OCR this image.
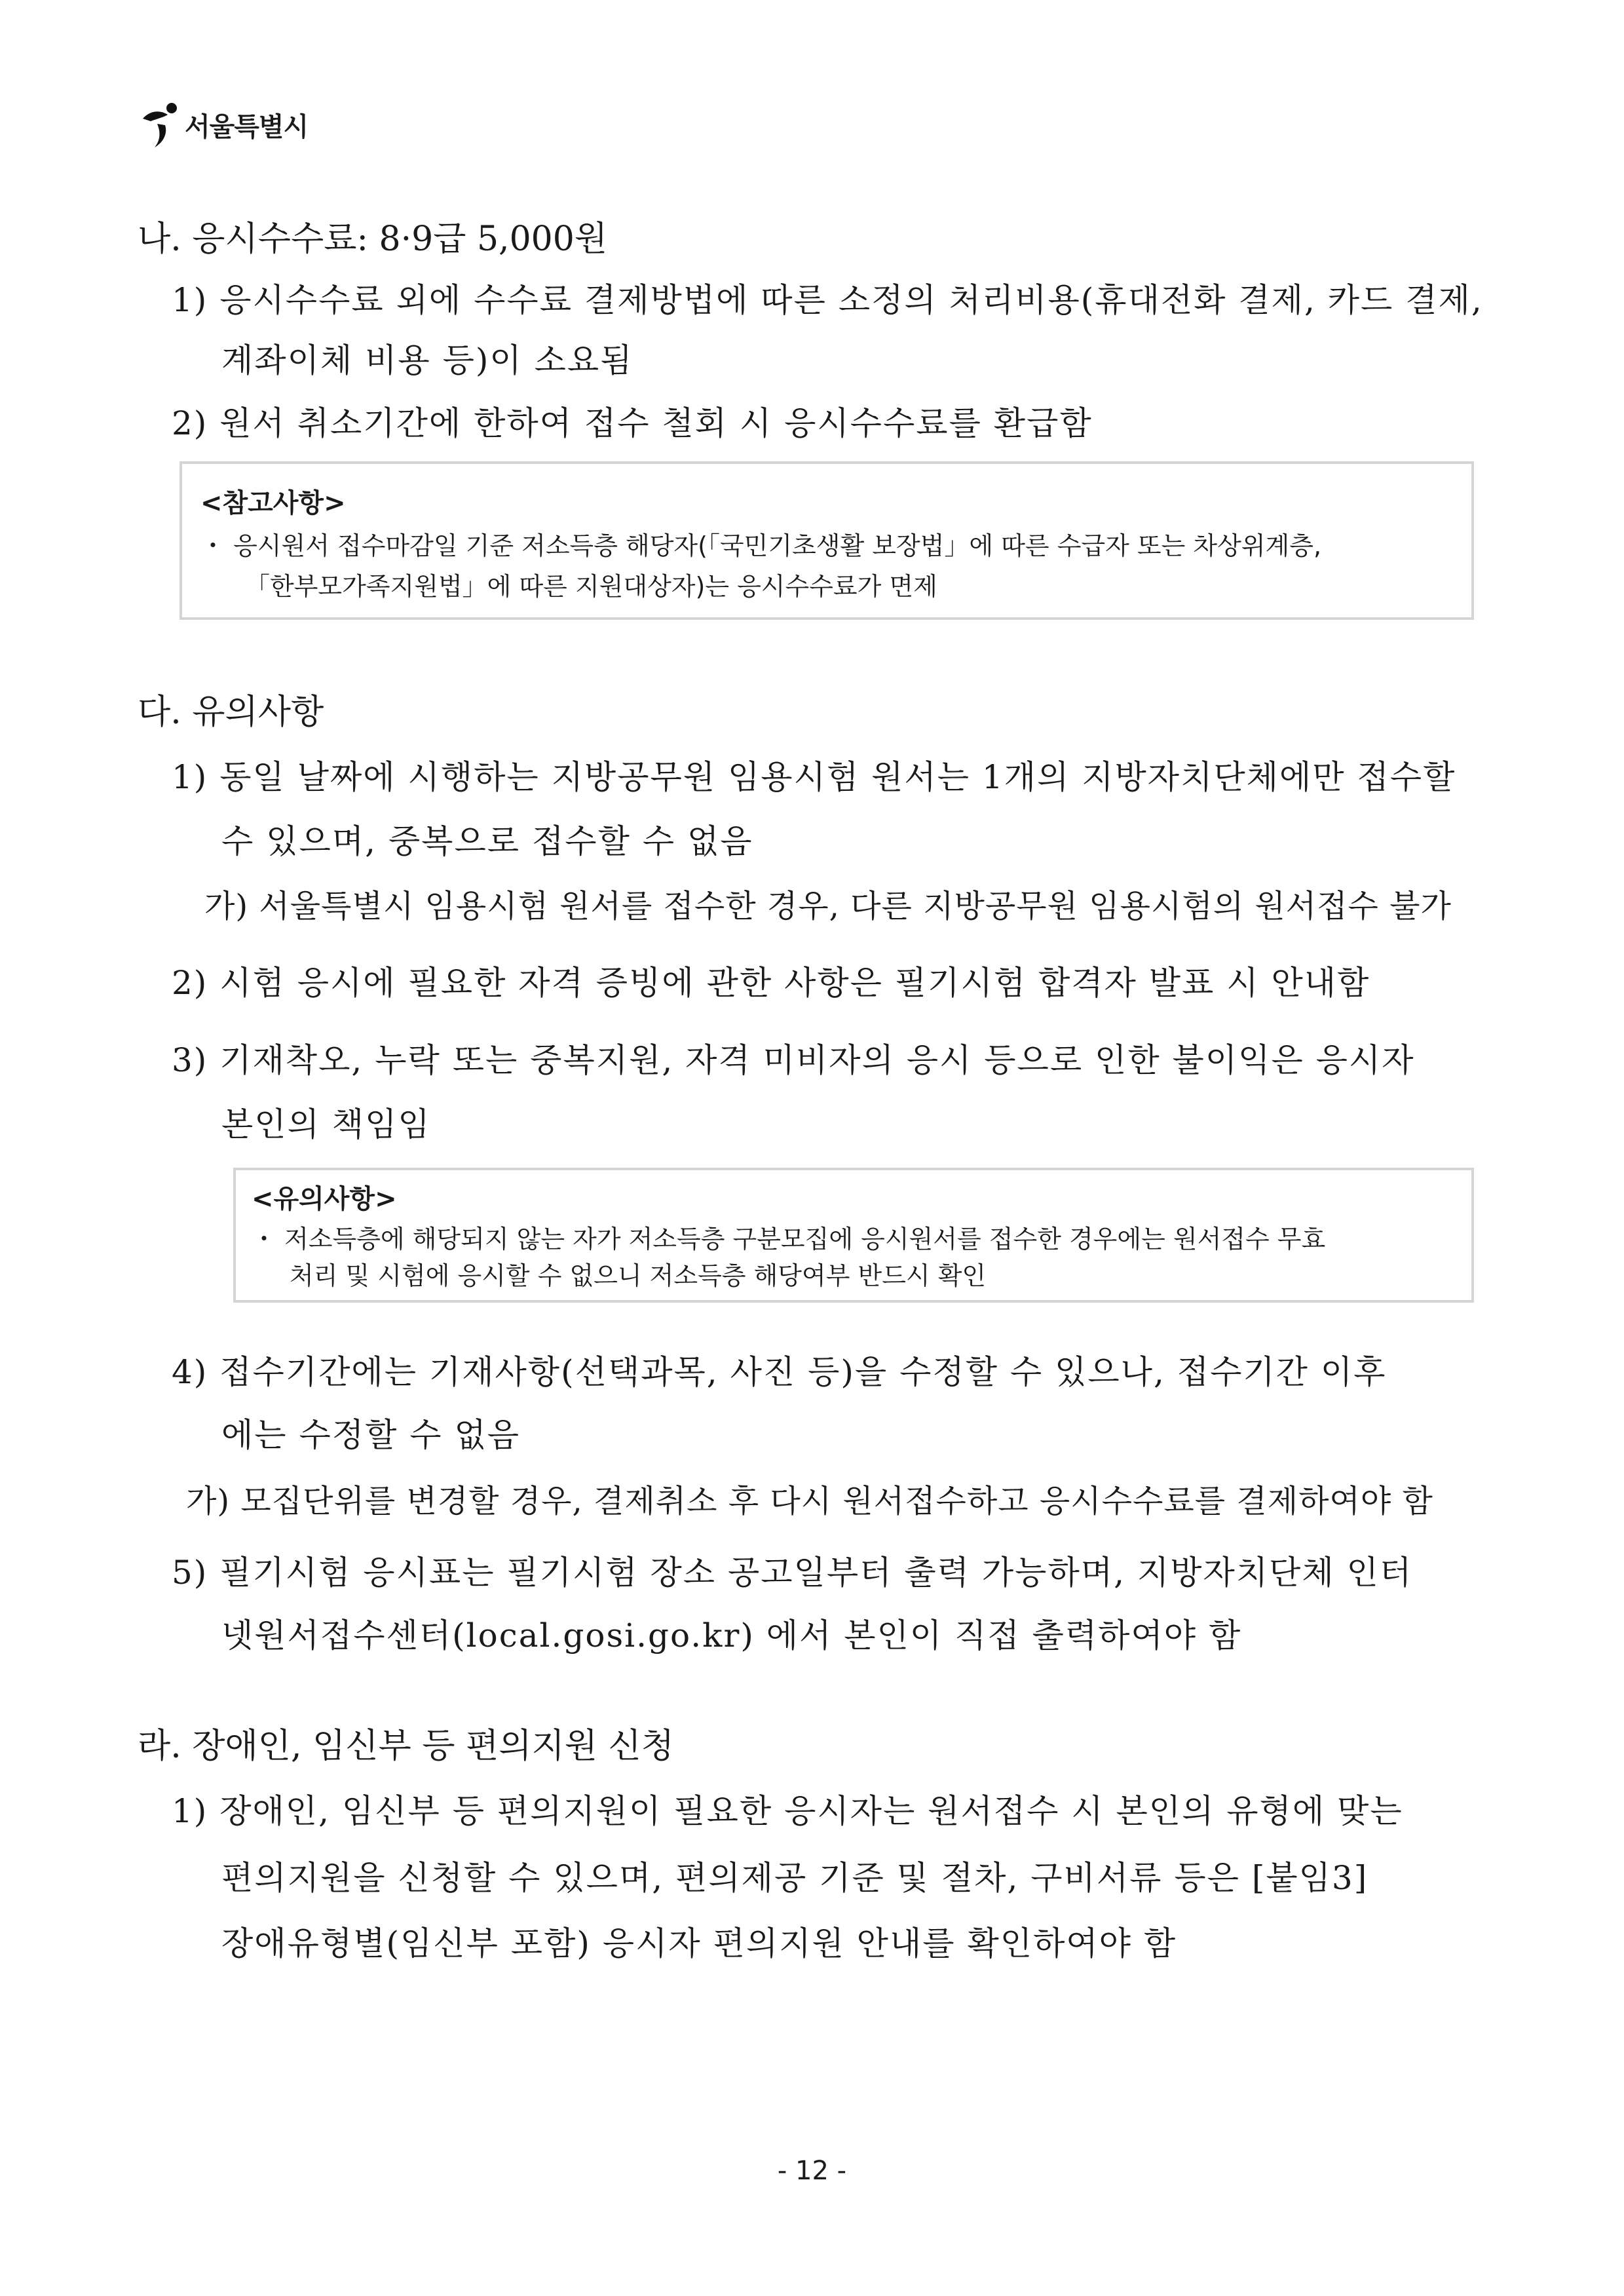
서울특별시
나. 응시수수료: 8·9급 5,000원
1) 응시수수료 외에 수수료 결제방법에 따른 소정의 처리비용(휴대전화 결제, 카드 결제,
계좌이체 비용 등)이 소요됨
2) 원서 취소기간에 한하여 접수 철회 시 응시수수료를 환급함
<참고사항>
・ 응시원서 접수마감일 기준 저소득층 해당자(「국민기초생활 보장법」에 따른 수급자 또는 차상위계층,
「한부모가족지원법」에 따른 지원대상자)는 응시수수료가 면제
다. 유의사항
1) 동일 날짜에 시행하는 지방공무원 임용시험 원서는 1개의 지방자치단체에만 접수할
수 있으며, 중복으로 접수할 수 없음
가) 서울특별시 임용시험 원서를 접수한 경우, 다른 지방공무원 임용시험의 원서접수 불가
2) 시험 응시에 필요한 자격 증빙에 관한 사항은 필기시험 합격자 발표 시 안내함
3) 기재착오, 누락 또는 중복지원, 자격 미비자의 응시 등으로 인한 불이익은 응시자
본인의 책임임
<유의사항>
・ 저소득층에 해당되지 않는 자가 저소득층 구분모집에 응시원서를 접수한 경우에는 원서접수 무효
처리 및 시험에 응시할 수 없으니 저소득층 해당여부 반드시 확인
4) 접수기간에는 기재사항(선택과목, 사진 등)을 수정할 수 있으나, 접수기간 이후
에는 수정할 수 없음
가) 모집단위를 변경할 경우, 결제취소 후 다시 원서접수하고 응시수수료를 결제하여야 함
5) 필기시험 응시표는 필기시험 장소 공고일부터 출력 가능하며, 지방자치단체 인터
넷원서접수센터(local.gosi.go.kr) 에서 본인이 직접 출력하여야 함
라. 장애인, 임신부 등 편의지원 신청
1) 장애인, 임신부 등 편의지원이 필요한 응시자는 원서접수 시 본인의 유형에 맞는
편의지원을 신청할 수 있으며, 편의제공 기준 및 절차, 구비서류 등은 [붙임3]
장애유형별(임신부 포함) 응시자 편의지원 안내를 확인하여야 함
- 12 -
